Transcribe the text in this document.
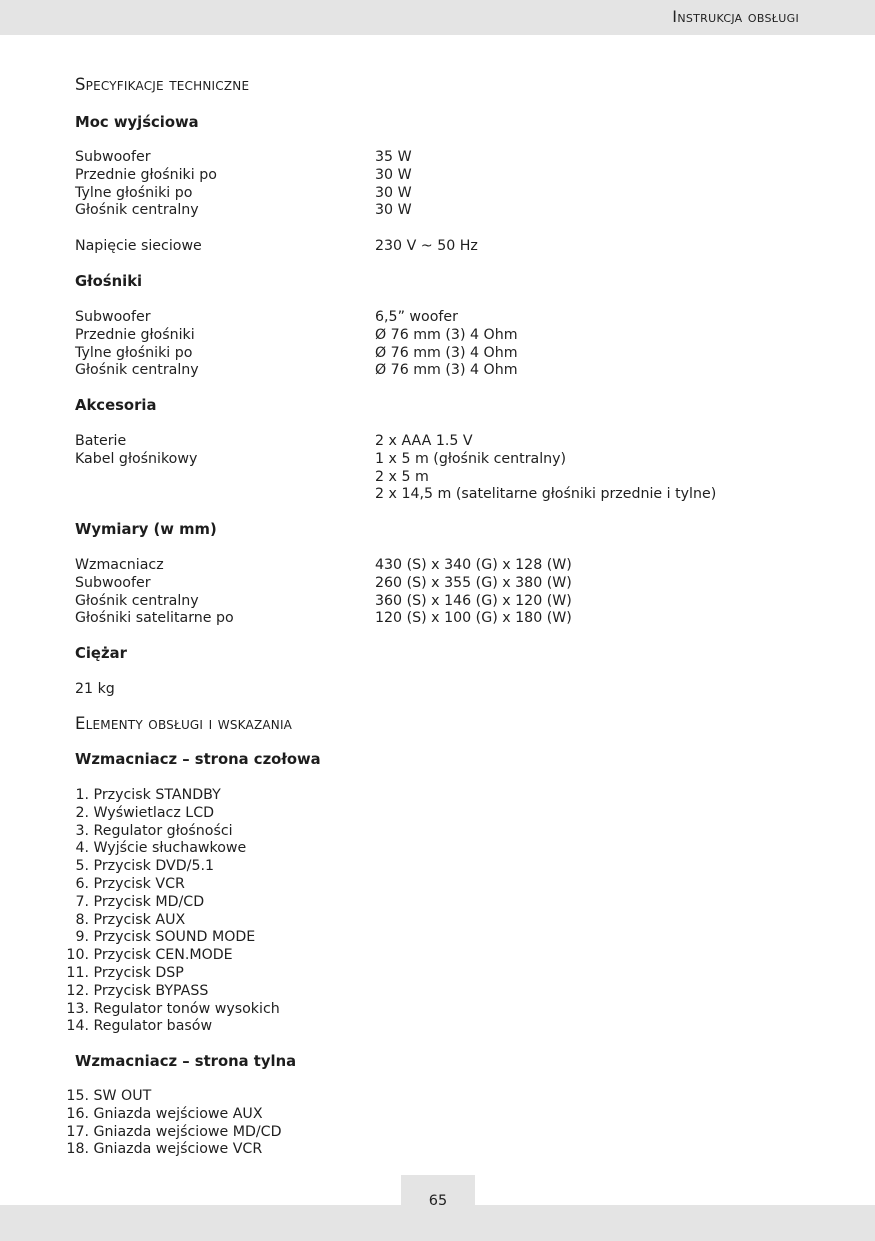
Instrukcja obsługi
Specyfikacje techniczne
Moc wyjściowa
Subwoofer	35 W
Przednie głośniki po	30 W
Tylne głośniki po	30 W
Głośnik centralny	30 W
Napięcie sieciowe	230 V ~ 50 Hz
Głośniki
Subwoofer	6,5” woofer
Przednie głośniki	Ø 76 mm (3) 4 Ohm
Tylne głośniki po	Ø 76 mm (3) 4 Ohm
Głośnik centralny	Ø 76 mm (3) 4 Ohm
Akcesoria
Baterie	2 x AAA 1.5 V
Kabel głośnikowy	1 x 5 m (głośnik centralny)
2 x 5 m
2 x 14,5 m (satelitarne głośniki przednie i tylne)
Wymiary (w mm)
Wzmacniacz	430 (S) x 340 (G) x 128 (W)
Subwoofer	260 (S) x 355 (G) x 380 (W)
Głośnik centralny	360 (S) x 146 (G) x 120 (W)
Głośniki satelitarne po	120 (S) x 100 (G) x 180 (W)
Ciężar
21 kg
Elementy obsługi i wskazania
Wzmacniacz – strona czołowa
1. Przycisk STANDBY
2. Wyświetlacz LCD
3. Regulator głośności
4. Wyjście słuchawkowe
5. Przycisk DVD/5.1
6. Przycisk VCR
7. Przycisk MD/CD
8. Przycisk AUX
9. Przycisk SOUND MODE
10. Przycisk CEN.MODE
11. Przycisk DSP
12. Przycisk BYPASS
13. Regulator tonów wysokich
14. Regulator basów
Wzmacniacz – strona tylna
15. SW OUT
16. Gniazda wejściowe AUX
17. Gniazda wejściowe MD/CD
18. Gniazda wejściowe VCR
65
